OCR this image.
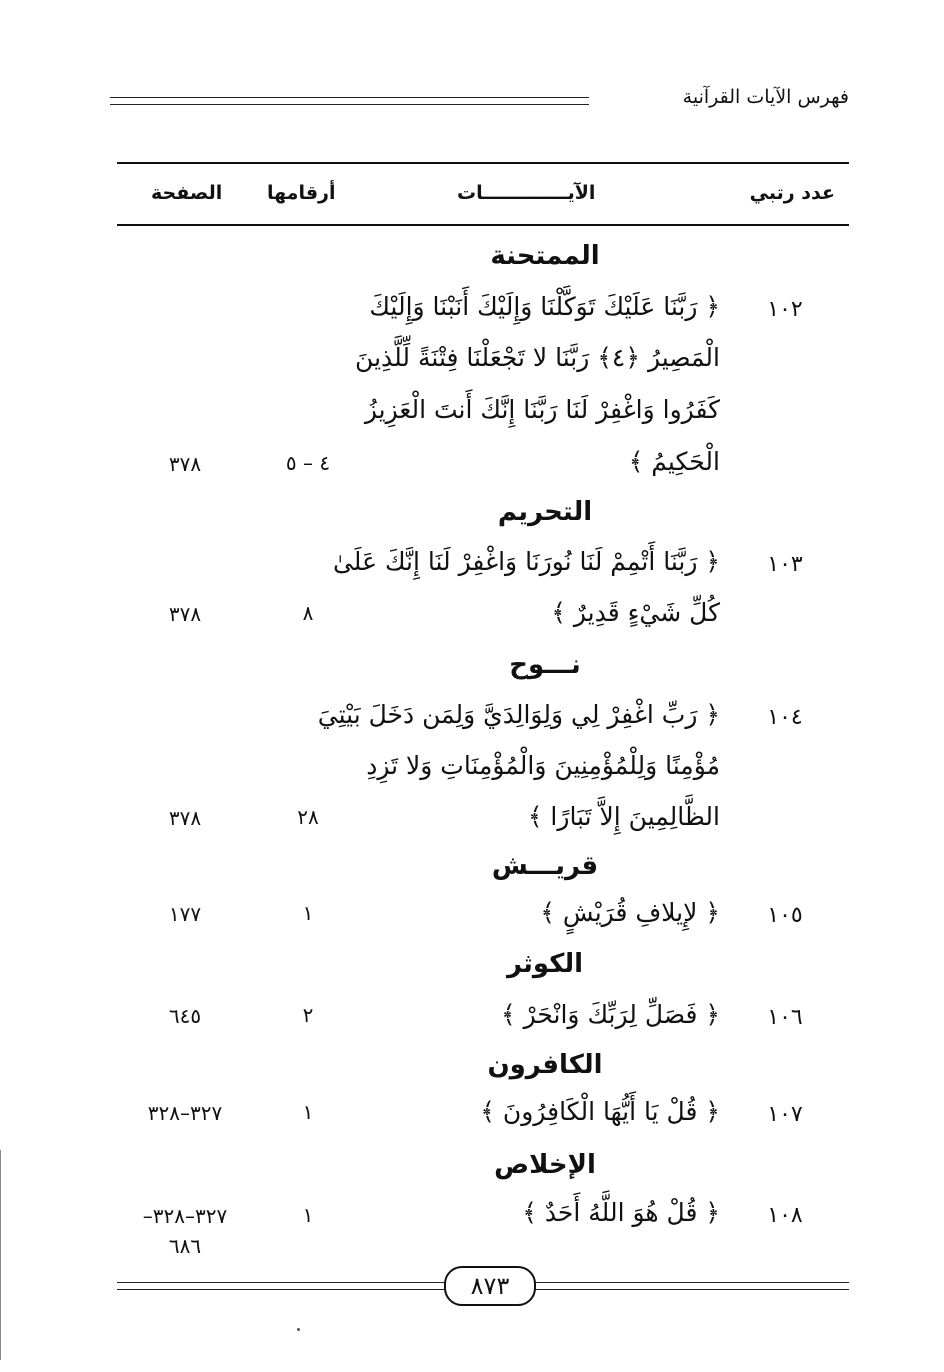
فهرس الآيات القرآنية
عدد رتبي
الآيـــــــــــــات
أرقامها
الصفحة
الممتحنة
١٠٢
﴿ رَبَّنَا عَلَيْكَ تَوَكَّلْنَا وَإِلَيْكَ أَنَبْنَا وَإِلَيْكَ
الْمَصِيرُ ﴿٤﴾ رَبَّنَا لا تَجْعَلْنَا فِتْنَةً لِّلَّذِينَ
كَفَرُوا وَاغْفِرْ لَنَا رَبَّنَا إِنَّكَ أَنتَ الْعَزِيزُ
الْحَكِيمُ ﴾
٤ – ٥
٣٧٨
التحريم
١٠٣
﴿ رَبَّنَا أَتْمِمْ لَنَا نُورَنَا وَاغْفِرْ لَنَا إِنَّكَ عَلَىٰ
كُلِّ شَيْءٍ قَدِيرٌ ﴾
٨
٣٧٨
نـــوح
١٠٤
﴿ رَبِّ اغْفِرْ لِي وَلِوَالِدَيَّ وَلِمَن دَخَلَ بَيْتِيَ
مُؤْمِنًا وَلِلْمُؤْمِنِينَ وَالْمُؤْمِنَاتِ وَلا تَزِدِ
الظَّالِمِينَ إِلاَّ تَبَارًا ﴾
٢٨
٣٧٨
قريـــش
١٠٥
﴿ لإِيلافِ قُرَيْشٍ ﴾
١
١٧٧
الكوثر
١٠٦
﴿ فَصَلِّ لِرَبِّكَ وَانْحَرْ ﴾
٢
٦٤٥
الكافرون
١٠٧
﴿ قُلْ يَا أَيُّهَا الْكَافِرُونَ ﴾
١
٣٢٧–٣٢٨
الإخلاص
١٠٨
﴿ قُلْ هُوَ اللَّهُ أَحَدٌ ﴾
١
٣٢٧–٣٢٨–
٦٨٦
٨٧٣
